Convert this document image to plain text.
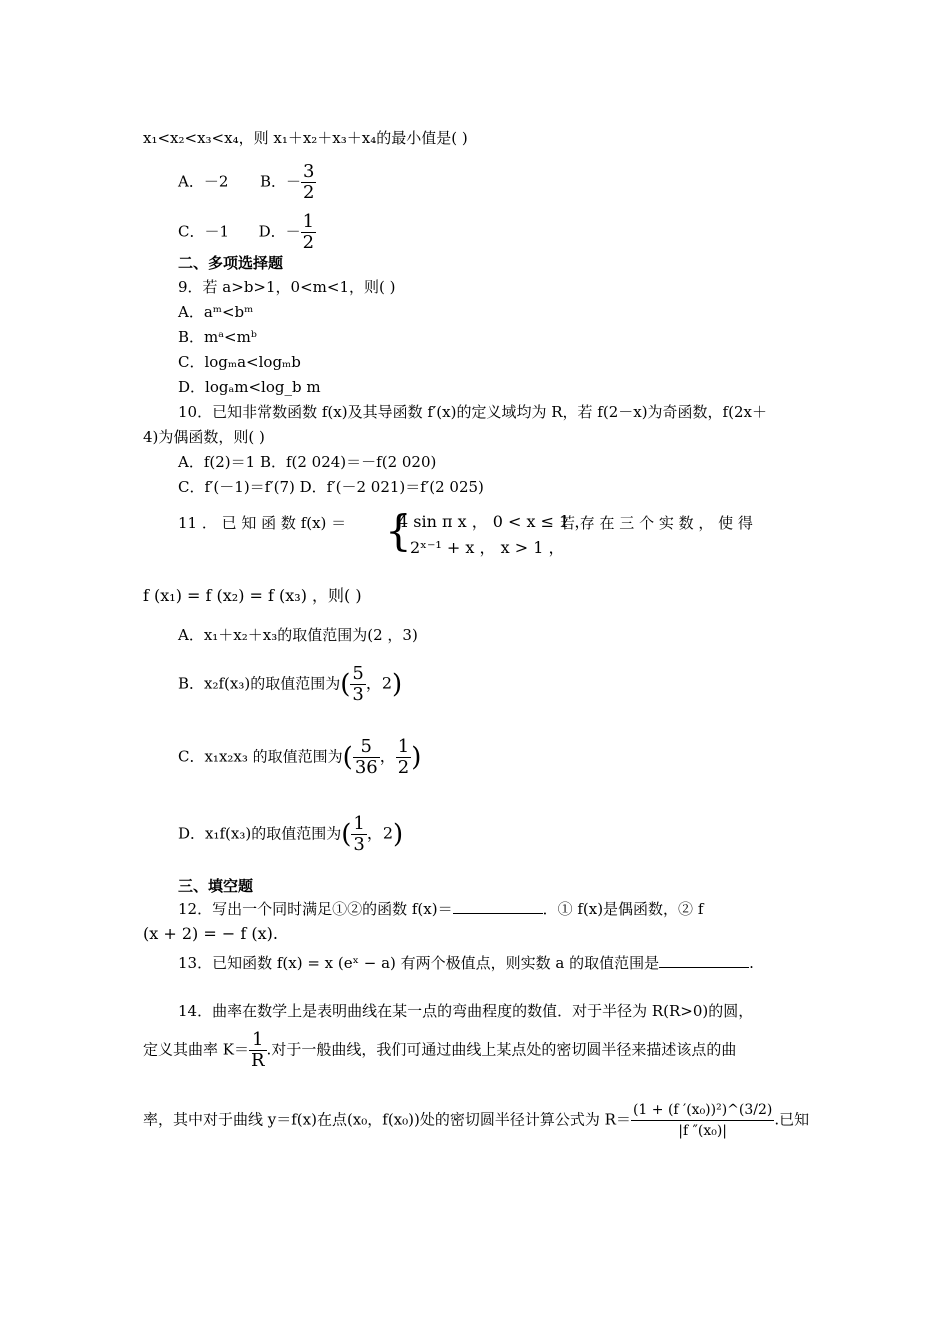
x₁<x₂<x₃<x₄，则 x₁＋x₂＋x₃＋x₄的最小值是( )
A．－2 B．－ $\frac{3}{2}$
C．－1 D．－ $\frac{1}{2}$
二、多项选择题
9．若 a>b>1，0<m<1，则( )
A．aᵐ<bᵐ
B．mᵃ<mᵇ
C．logₘa<logₘb
D．logₐm<log_b m
10．已知非常数函数 f(x)及其导函数 f′(x)的定义域均为 R，若 f(2－x)为奇函数，f(2x＋
4)为偶函数，则( )
A．f(2)＝1 B．f(2 024)＝－f(2 020)
C．f′(－1)＝f′(7) D．f′(－2 021)＝f′(2 025)
11 ． 已 知 函 数 f(x) ＝ {
4 sin π x ， 0 < x ≤ 1 ，
2ˣ⁻¹ + x ， x > 1 ，
若 存 在 三 个 实 数 ， 使 得
f (x₁) = f (x₂) = f (x₃) ，则( )
A．x₁＋x₂＋x₃的取值范围为(2 ，3)
B．x₂f(x₃)的取值范围为( $\frac{5}{3}$ ，2)
C．x₁x₂x₃ 的取值范围为( $\frac{5}{36}$ ， $\frac{1}{2}$ )
D．x₁f(x₃)的取值范围为( $\frac{1}{3}$ ，2)
三、填空题
12．写出一个同时满足①②的函数 f(x)＝	．① f(x)是偶函数，② f
(x + 2) = − f (x).
13．已知函数 f(x) = x (eˣ − a) 有两个极值点，则实数 a 的取值范围是	.
14．曲率在数学上是表明曲线在某一点的弯曲程度的数值．对于半径为 R(R>0)的圆，
定义其曲率 $K= \frac{1}{R}$ .对于一般曲线，我们可通过曲线上某点处的密切圆半径来描述该点的曲
率，其中对于曲线 y＝f(x)在点(x₀，f(x₀))处的密切圆半径计算公式为 $R= \frac{\text{(1 + (f ′(x₀))²)\textasciicircum{}(3/2)}}{\text{|f ″(x₀)|}}$ .已知
